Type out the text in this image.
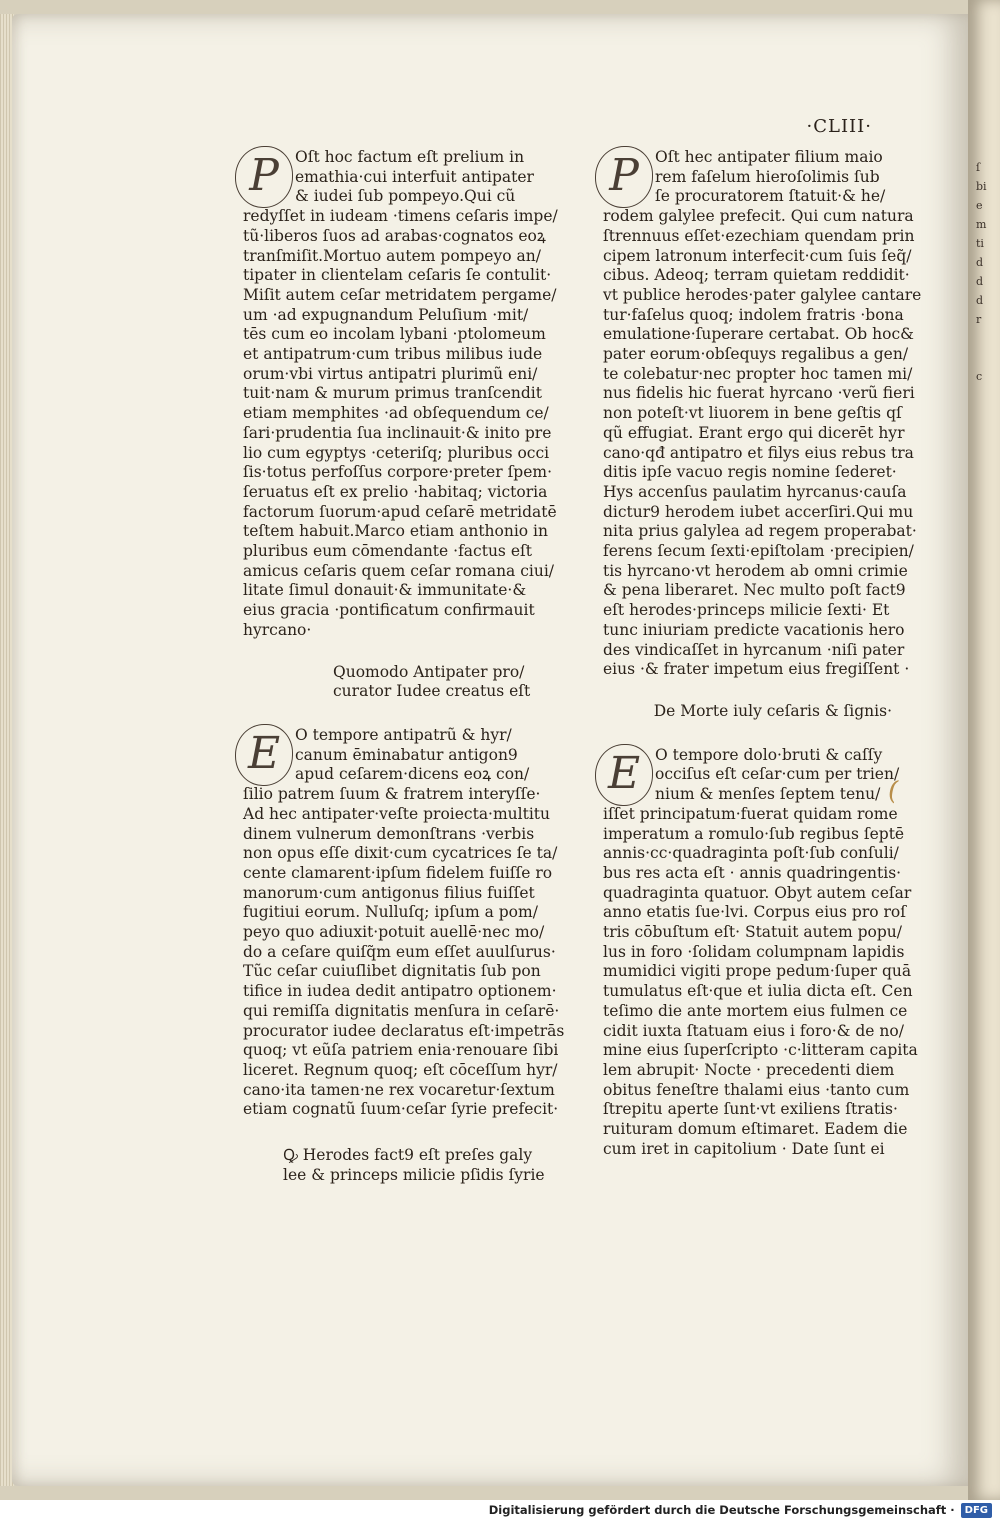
ſ
bi
e
m
ti
d
d
d
r

c

·CLIII·
P	Oſt hoc factum eſt prelium in
emathia·cui interfuit antipater
& iudei ſub pompeyo.Qui cũ
redyſſet in iudeam ·timens ceſaris impe/
tũ·liberos ſuos ad arabas·cognatos eoꝝ
tranſmiſit.Mortuo autem pompeyo an/
tipater in clientelam ceſaris ſe contulit·
Miſit autem ceſar metridatem pergame/
um ·ad expugnandum Peluſium ·mit/
tēs cum eo incolam lybani ·ptolomeum
et antipatrum·cum tribus milibus iude
orum·vbi virtus antipatri plurimũ eni/
tuit·nam & murum primus tranſcendit
etiam memphites ·ad obſequendum ce/
ſari·prudentia ſua inclinauit·& inito pre
lio cum egyptys ·ceteriſq; pluribus occi
ſis·totus perfoſſus corpore·preter ſpem·
ſeruatus eſt ex prelio ·habitaq; victoria
factorum ſuorum·apud ceſarē metridatē
teſtem habuit.Marco etiam anthonio in
pluribus eum cōmendante ·factus eſt
amicus ceſaris quem ceſar romana ciui/
litate ſimul donauit·& immunitate·&
eius gracia ·pontificatum confirmauit
hyrcano·
Quomodo Antipater pro/
curator Iudee creatus eſt
E O tempore antipatrũ & hyr/
canum ēminabatur antigon9
apud ceſarem·dicens eoꝝ con/
ſilio patrem ſuum & fratrem interyſſe·
Ad hec antipater·veſte proiecta·multitu
dinem vulnerum demonſtrans ·verbis
non opus eſſe dixit·cum cycatrices ſe ta/
cente clamarent·ipſum fidelem fuiſſe ro
manorum·cum antigonus filius fuiſſet
fugitiui eorum. Nulluſq; ipſum a pom/
peyo quo adiuxit·potuit auellē·nec mo/
do a ceſare quiſq̃m eum eſſet auulſurus·
Tũc ceſar cuiuſlibet dignitatis ſub pon
tifice in iudea dedit antipatro optionem·
qui remiſſa dignitatis menſura in ceſarē·
procurator iudee declaratus eſt·impetrās
quoq; vt eũſa patriem enia·renouare ſibi
liceret. Regnum quoq; eſt cōceſſum hyr/
cano·ita tamen·ne rex vocaretur·ſextum
etiam cognatũ ſuum·ceſar ſyrie prefecit·
Ꝙ Herodes fact9 eſt preſes galy
lee & princeps milicie pſidis ſyrie
P	Oſt hec antipater filium maio
rem faſelum hieroſolimis ſub
ſe procuratorem ſtatuit·& he/
rodem galylee prefecit. Qui cum natura
ſtrennuus eſſet·ezechiam quendam prin
cipem latronum interfecit·cum ſuis ſeq̃/
cibus. Adeoq; terram quietam reddidit·
vt publice herodes·pater galylee cantare
tur·faſelus quoq; indolem fratris ·bona
emulatione·ſuperare certabat. Ob hoc&
pater eorum·obſequys regalibus a gen/
te colebatur·nec propter hoc tamen mi/
nus fidelis hic fuerat hyrcano ·verũ fieri
non poteſt·vt liuorem in bene geſtis qſ
qũ effugiat. Erant ergo qui dicerēt hyr
cano·qđ antipatro et filys eius rebus tra
ditis ipſe vacuo regis nomine ſederet·
Hys accenſus paulatim hyrcanus·cauſa
dictur9 herodem iubet accerſiri.Qui mu
nita prius galylea ad regem properabat·
ferens ſecum ſexti·epiſtolam ·precipien/
tis hyrcano·vt herodem ab omni crimie
& pena liberaret. Nec multo poſt fact9
eſt herodes·princeps milicie ſexti· Et
tunc iniuriam predicte vacationis hero
des vindicaſſet in hyrcanum ·niſi pater
eius ·& frater impetum eius fregiſſent ·
De Morte iuly ceſaris & ſignis·
E O tempore dolo·bruti & caſſy
occiſus eſt ceſar·cum per trien/
nium & menſes ſeptem tenu/
iſſet principatum·fuerat quidam rome
imperatum a romulo·ſub regibus ſeptē
annis·cc·quadraginta poſt·ſub conſuli/
bus res acta eſt · annis quadringentis·
quadraginta quatuor. Obyt autem ceſar
anno etatis ſue·lvi. Corpus eius pro roſ
tris cōbuſtum eſt· Statuit autem popu/
lus in foro ·ſolidam columpnam lapidis
mumidici vigiti prope pedum·ſuper quā
tumulatus eſt·que et iulia dicta eſt. Cen
teſimo die ante mortem eius fulmen ce
cidit iuxta ſtatuam eius i foro·& de no/
mine eius ſuperſcripto ·c·litteram capita
lem abrupit· Nocte · precedenti diem
obitus feneſtre thalami eius ·tanto cum
ſtrepitu aperte ſunt·vt exiliens ſtratis·
ruituram domum eſtimaret. Eadem die
cum iret in capitolium · Date ſunt ei
(
Digitalisierung gefördert durch die Deutsche Forschungsgemeinschaft · DFG
